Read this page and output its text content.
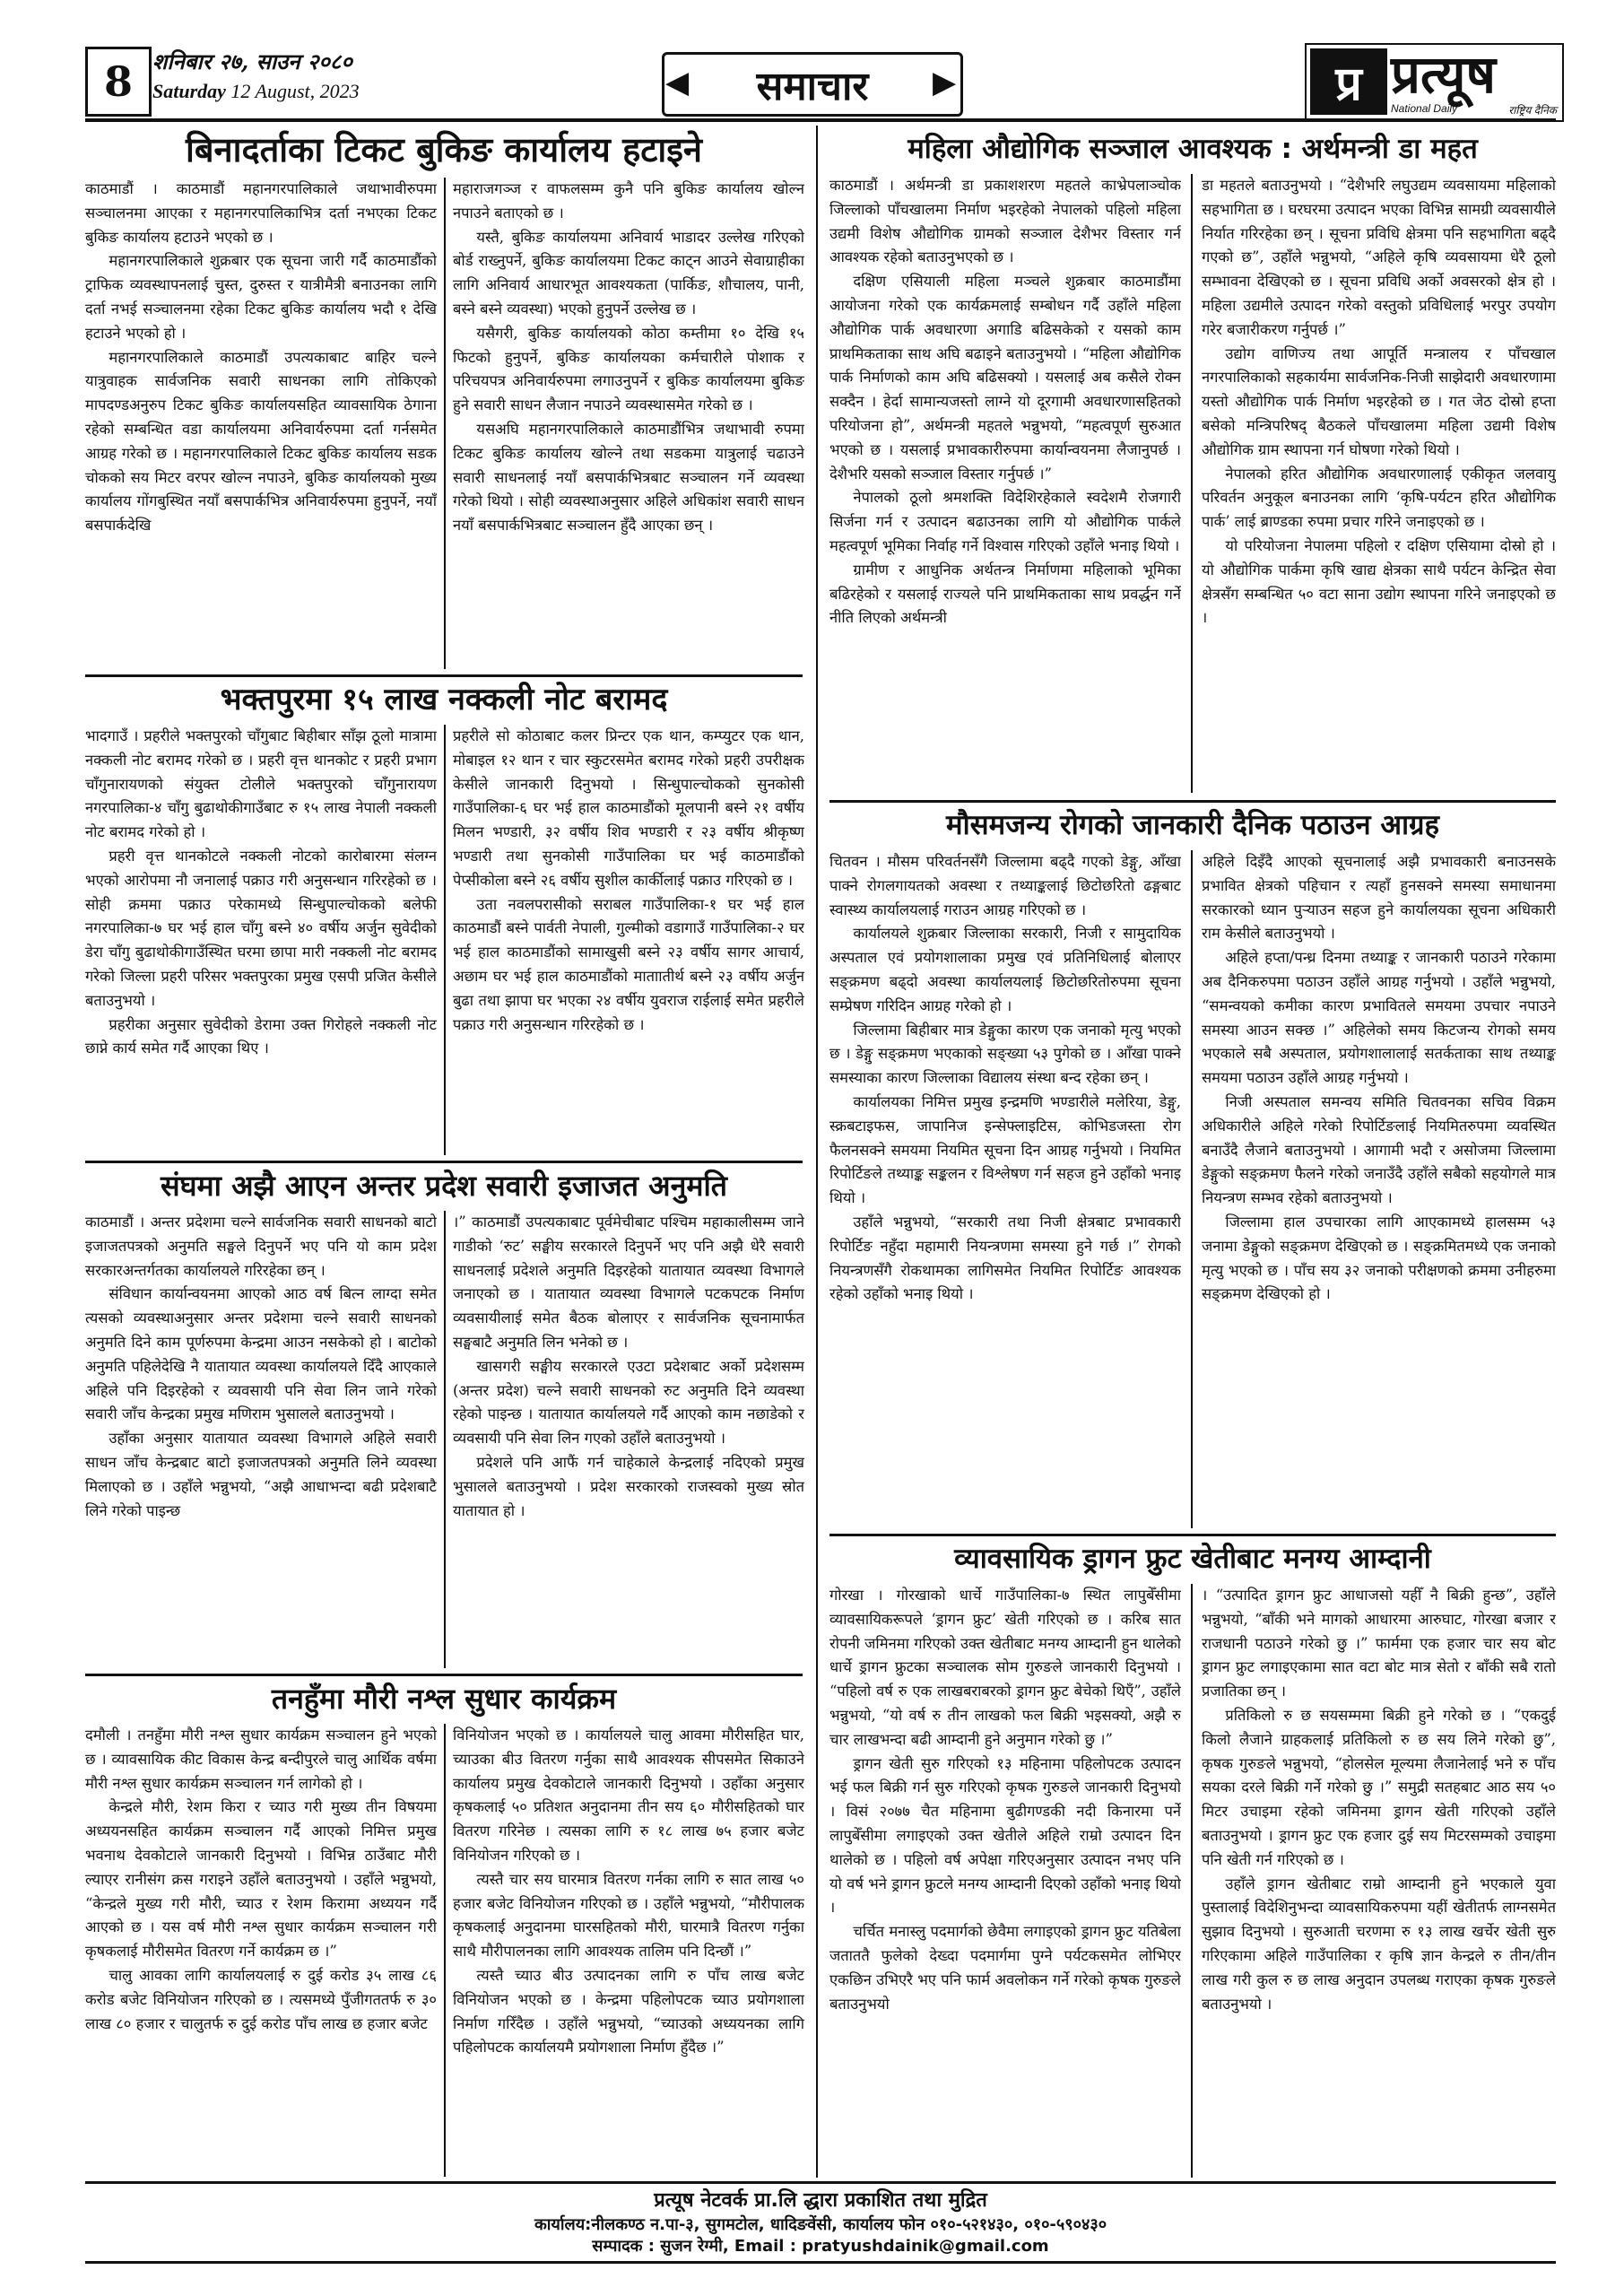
8 शनिबार २७, साउन २०८०
Saturday 12 August, 2023	समाचार
◀	▶	प्र प्रत्यूष
National Daily	राष्ट्रिय दैनिक
बिनादर्ताका टिकट बुकिङ कार्यालय हटाइने

काठमाडौं । काठमाडौं महानगरपालिकाले जथाभावीरुपमा सञ्चालनमा आएका र महानगरपालिकाभित्र दर्ता नभएका टिकट बुकिङ कार्यालय हटाउने भएको छ ।

महानगरपालिकाले शुक्रबार एक सूचना जारी गर्दै काठमाडौंको ट्राफिक व्यवस्थापनलाई चुस्त, दुरुस्त र यात्रीमैत्री बनाउनका लागि दर्ता नभई सञ्चालनमा रहेका टिकट बुकिङ कार्यालय भदौ १ देखि हटाउने भएको हो ।

महानगरपालिकाले काठमाडौं उपत्यकाबाट बाहिर चल्ने यात्रुवाहक सार्वजनिक सवारी साधनका लागि तोकिएको मापदण्डअनुरुप टिकट बुकिङ कार्यालयसहित व्यावसायिक ठेगाना रहेको सम्बन्धित वडा कार्यालयमा अनिवार्यरुपमा दर्ता गर्नसमेत आग्रह गरेको छ । महानगरपालिकाले टिकट बुकिङ कार्यालय सडक चोकको सय मिटर वरपर खोल्न नपाउने, बुकिङ कार्यालयको मुख्य कार्यालय गोंगबुस्थित नयाँ बसपार्कभित्र अनिवार्यरुपमा हुनुपर्ने, नयाँ बसपार्कदेखि

महाराजगञ्ज र वाफलसम्म कुनै पनि बुकिङ कार्यालय खोल्न नपाउने बताएको छ ।

यस्तै, बुकिङ कार्यालयमा अनिवार्य भाडादर उल्लेख गरिएको बोर्ड राख्नुपर्ने, बुकिङ कार्यालयमा टिकट काट्न आउने सेवाग्राहीका लागि अनिवार्य आधारभूत आवश्यकता (पार्किङ, शौचालय, पानी, बस्ने बस्ने व्यवस्था) भएको हुनुपर्ने उल्लेख छ ।

यसैगरी, बुकिङ कार्यालयको कोठा कम्तीमा १० देखि १५ फिटको हुनुपर्ने, बुकिङ कार्यालयका कर्मचारीले पोशाक र परिचयपत्र अनिवार्यरुपमा लगाउनुपर्ने र बुकिङ कार्यालयमा बुकिङ हुने सवारी साधन लैजान नपाउने व्यवस्थासमेत गरेको छ ।

यसअघि महानगरपालिकाले काठमाडौंभित्र जथाभावी रुपमा टिकट बुकिङ कार्यालय खोल्ने तथा सडकमा यात्रुलाई चढाउने सवारी साधनलाई नयाँ बसपार्कभित्रबाट सञ्चालन गर्ने व्यवस्था गरेको थियो । सोही व्यवस्थाअनुसार अहिले अधिकांश सवारी साधन नयाँ बसपार्कभित्रबाट सञ्चालन हुँदै आएका छन् ।

भक्तपुरमा १५ लाख नक्कली नोट बरामद

भादगाउँ । प्रहरीले भक्तपुरको चाँगुबाट बिहीबार साँझ ठूलो मात्रामा नक्कली नोट बरामद गरेको छ । प्रहरी वृत्त थानकोट र प्रहरी प्रभाग चाँगुनारायणको संयुक्त टोलीले भक्तपुरको चाँगुनारायण नगरपालिका-४ चाँगु बुढाथोकीगाउँबाट रु १५ लाख नेपाली नक्कली नोट बरामद गरेको हो ।

प्रहरी वृत्त थानकोटले नक्कली नोटको कारोबारमा संलग्न भएको आरोपमा नौ जनालाई पक्राउ गरी अनुसन्धान गरिरहेको छ । सोही क्रममा पक्राउ परेकामध्ये सिन्धुपाल्चोकको बलेफी नगरपालिका-७ घर भई हाल चाँगु बस्ने ४० वर्षीय अर्जुन सुवेदीको डेरा चाँगु बुढाथोकीगाउँस्थित घरमा छापा मारी नक्कली नोट बरामद गरेको जिल्ला प्रहरी परिसर भक्तपुरका प्रमुख एसपी प्रजित केसीले बताउनुभयो ।

प्रहरीका अनुसार सुवेदीको डेरामा उक्त गिरोहले नक्कली नोट छाप्ने कार्य समेत गर्दै आएका थिए ।

प्रहरीले सो कोठाबाट कलर प्रिन्टर एक थान, कम्प्युटर एक थान, मोबाइल १२ थान र चार स्कुटरसमेत बरामद गरेको प्रहरी उपरीक्षक केसीले जानकारी दिनुभयो । सिन्धुपाल्चोकको सुनकोसी गाउँपालिका-६ घर भई हाल काठमाडौंको मूलपानी बस्ने २१ वर्षीय मिलन भण्डारी, ३२ वर्षीय शिव भण्डारी र २३ वर्षीय श्रीकृष्ण भण्डारी तथा सुनकोसी गाउँपालिका घर भई काठमाडौंको पेप्सीकोला बस्ने २६ वर्षीय सुशील कार्कीलाई पक्राउ गरिएको छ ।

उता नवलपरासीको सराबल गाउँपालिका-१ घर भई हाल काठमाडौं बस्ने पार्वती नेपाली, गुल्मीको वडागाउँ गाउँपालिका-२ घर भई हाल काठमाडौंको सामाखुसी बस्ने २३ वर्षीय सागर आचार्य, अछाम घर भई हाल काठमाडौंको माताातीर्थ बस्ने २३ वर्षीय अर्जुन बुढा तथा झापा घर भएका २४ वर्षीय युवराज राईलाई समेत प्रहरीले पक्राउ गरी अनुसन्धान गरिरहेको छ ।

संघमा अझै आएन अन्तर प्रदेश सवारी इजाजत अनुमति

काठमाडौं । अन्तर प्रदेशमा चल्ने सार्वजनिक सवारी साधनको बाटो इजाजतपत्रको अनुमति सङ्घले दिनुपर्ने भए पनि यो काम प्रदेश सरकारअन्तर्गतका कार्यालयले गरिरहेका छन् ।

संविधान कार्यान्वयनमा आएको आठ वर्ष बित्न लाग्दा समेत त्यसको व्यवस्थाअनुसार अन्तर प्रदेशमा चल्ने सवारी साधनको अनुमति दिने काम पूर्णरुपमा केन्द्रमा आउन नसकेको हो । बाटोको अनुमति पहिलेदेखि नै यातायात व्यवस्था कार्यालयले दिँदै आएकाले अहिले पनि दिइरहेको र व्यवसायी पनि सेवा लिन जाने गरेको सवारी जाँच केन्द्रका प्रमुख मणिराम भुसालले बताउनुभयो ।

उहाँका अनुसार यातायात व्यवस्था विभागले अहिले सवारी साधन जाँच केन्द्रबाट बाटो इजाजतपत्रको अनुमति लिने व्यवस्था मिलाएको छ । उहाँले भन्नुभयो, “अझै आधाभन्दा बढी प्रदेशबाटै लिने गरेको पाइन्छ

।” काठमाडौं उपत्यकाबाट पूर्वमेचीबाट पश्चिम महाकालीसम्म जाने गाडीको ‘रुट’ सङ्घीय सरकारले दिनुपर्ने भए पनि अझै धेरै सवारी साधनलाई प्रदेशले अनुमति दिइरहेको यातायात व्यवस्था विभागले जनाएको छ । यातायात व्यवस्था विभागले पटकपटक निर्माण व्यवसायीलाई समेत बैठक बोलाएर र सार्वजनिक सूचनामार्फत सङ्घबाटै अनुमति लिन भनेको छ ।

खासगरी सङ्घीय सरकारले एउटा प्रदेशबाट अर्को प्रदेशसम्म (अन्तर प्रदेश) चल्ने सवारी साधनको रुट अनुमति दिने व्यवस्था रहेको पाइन्छ । यातायात कार्यालयले गर्दै आएको काम नछाडेको र व्यवसायी पनि सेवा लिन गएको उहाँले बताउनुभयो ।

प्रदेशले पनि आफैं गर्न चाहेकाले केन्द्रलाई नदिएको प्रमुख भुसालले बताउनुभयो । प्रदेश सरकारको राजस्वको मुख्य स्रोत यातायात हो ।

तनहुँमा मौरी नश्ल सुधार कार्यक्रम

दमौली । तनहुँमा मौरी नश्ल सुधार कार्यक्रम सञ्चालन हुने भएको छ । व्यावसायिक कीट विकास केन्द्र बन्दीपुरले चालु आर्थिक वर्षमा मौरी नश्ल सुधार कार्यक्रम सञ्चालन गर्न लागेको हो ।

केन्द्रले मौरी, रेशम किरा र च्याउ गरी मुख्य तीन विषयमा अध्ययनसहित कार्यक्रम सञ्चालन गर्दै आएको निमित्त प्रमुख भवनाथ देवकोटाले जानकारी दिनुभयो । विभिन्न ठाउँबाट मौरी ल्याएर रानीसंग क्रस गराइने उहाँले बताउनुभयो । उहाँले भन्नुभयो, “केन्द्रले मुख्य गरी मौरी, च्याउ र रेशम किरामा अध्ययन गर्दै आएको छ । यस वर्ष मौरी नश्ल सुधार कार्यक्रम सञ्चालन गरी कृषकलाई मौरीसमेत वितरण गर्ने कार्यक्रम छ ।”

चालु आवका लागि कार्यालयलाई रु दुई करोड ३५ लाख ८६ करोड बजेट विनियोजन गरिएको छ । त्यसमध्ये पुँजीगततर्फ रु ३० लाख ८० हजार र चालुतर्फ रु दुई करोड पाँच लाख छ हजार बजेट

विनियोजन भएको छ । कार्यालयले चालु आवमा मौरीसहित घार, च्याउका बीउ वितरण गर्नुका साथै आवश्यक सीपसमेत सिकाउने कार्यालय प्रमुख देवकोटाले जानकारी दिनुभयो । उहाँका अनुसार कृषकलाई ५० प्रतिशत अनुदानमा तीन सय ६० मौरीसहितको घार वितरण गरिनेछ । त्यसका लागि रु १८ लाख ७५ हजार बजेट विनियोजन गरिएको छ ।

त्यस्तै चार सय घारमात्र वितरण गर्नका लागि रु सात लाख ५० हजार बजेट विनियोजन गरिएको छ । उहाँले भन्नुभयो, “मौरीपालक कृषकलाई अनुदानमा घारसहितको मौरी, घारमात्रै वितरण गर्नुका साथै मौरीपालनका लागि आवश्यक तालिम पनि दिन्छौं ।”

त्यस्तै च्याउ बीउ उत्पादनका लागि रु पाँच लाख बजेट विनियोजन भएको छ । केन्द्रमा पहिलोपटक च्याउ प्रयोगशाला निर्माण गरिँदैछ । उहाँले भन्नुभयो, “च्याउको अध्ययनका लागि पहिलोपटक कार्यालयमै प्रयोगशाला निर्माण हुँदैछ ।”

महिला औद्योगिक सञ्जाल आवश्यक : अर्थमन्त्री डा महत

काठमाडौं । अर्थमन्त्री डा प्रकाशशरण महतले काभ्रेपलाञ्चोक जिल्लाको पाँचखालमा निर्माण भइरहेको नेपालको पहिलो महिला उद्यमी विशेष औद्योगिक ग्रामको सञ्जाल देशैभर विस्तार गर्न आवश्यक रहेको बताउनुभएको छ ।

दक्षिण एसियाली महिला मञ्चले शुक्रबार काठमाडौंमा आयोजना गरेको एक कार्यक्रमलाई सम्बोधन गर्दै उहाँले महिला औद्योगिक पार्क अवधारणा अगाडि बढिसकेको र यसको काम प्राथमिकताका साथ अघि बढाइने बताउनुभयो । “महिला औद्योगिक पार्क निर्माणको काम अघि बढिसक्यो । यसलाई अब कसैले रोक्न सक्दैन । हेर्दा सामान्यजस्तो लाग्ने यो दूरगामी अवधारणासहितको परियोजना हो”, अर्थमन्त्री महतले भन्नुभयो, “महत्वपूर्ण सुरुआत भएको छ । यसलाई प्रभावकारीरुपमा कार्यान्वयनमा लैजानुपर्छ । देशैभरि यसको सञ्जाल विस्तार गर्नुपर्छ ।”

नेपालको ठूलो श्रमशक्ति विदेशिरहेकाले स्वदेशमै रोजगारी सिर्जना गर्न र उत्पादन बढाउनका लागि यो औद्योगिक पार्कले महत्वपूर्ण भूमिका निर्वाह गर्ने विश्वास गरिएको उहाँले भनाइ थियो ।

ग्रामीण र आधुनिक अर्थतन्त्र निर्माणमा महिलाको भूमिका बढिरहेको र यसलाई राज्यले पनि प्राथमिकताका साथ प्रवर्द्धन गर्ने नीति लिएको अर्थमन्त्री

डा महतले बताउनुभयो । “देशैभरि लघुउद्यम व्यवसायमा महिलाको सहभागिता छ । घरघरमा उत्पादन भएका विभिन्न सामग्री व्यवसायीले निर्यात गरिरहेका छन् । सूचना प्रविधि क्षेत्रमा पनि सहभागिता बढ्दै गएको छ”, उहाँले भन्नुभयो, “अहिले कृषि व्यवसायमा धेरै ठूलो सम्भावना देखिएको छ । सूचना प्रविधि अर्को अवसरको क्षेत्र हो । महिला उद्यमीले उत्पादन गरेको वस्तुको प्रविधिलाई भरपुर उपयोग गरेर बजारीकरण गर्नुपर्छ ।”

उद्योग वाणिज्य तथा आपूर्ति मन्त्रालय र पाँचखाल नगरपालिकाको सहकार्यमा सार्वजनिक-निजी साझेदारी अवधारणामा यस्तो औद्योगिक पार्क निर्माण भइरहेको छ । गत जेठ दोस्रो हप्ता बसेको मन्त्रिपरिषद् बैठकले पाँचखालमा महिला उद्यमी विशेष औद्योगिक ग्राम स्थापना गर्न घोषणा गरेको थियो ।

नेपालको हरित औद्योगिक अवधारणालाई एकीकृत जलवायु परिवर्तन अनुकूल बनाउनका लागि ‘कृषि-पर्यटन हरित औद्योगिक पार्क’ लाई ब्राण्डका रुपमा प्रचार गरिने जनाइएको छ ।

यो परियोजना नेपालमा पहिलो र दक्षिण एसियामा दोस्रो हो । यो औद्योगिक पार्कमा कृषि खाद्य क्षेत्रका साथै पर्यटन केन्द्रित सेवा क्षेत्रसँग सम्बन्धित ५० वटा साना उद्योग स्थापना गरिने जनाइएको छ ।

मौसमजन्य रोगको जानकारी दैनिक पठाउन आग्रह

चितवन । मौसम परिवर्तनसँगै जिल्लामा बढ्दै गएको डेङ्गु, आँखा पाक्ने रोगलगायतको अवस्था र तथ्याङ्कलाई छिटोछरितो ढङ्गबाट स्वास्थ्य कार्यालयलाई गराउन आग्रह गरिएको छ ।

कार्यालयले शुक्रबार जिल्लाका सरकारी, निजी र सामुदायिक अस्पताल एवं प्रयोगशालाका प्रमुख एवं प्रतिनिधिलाई बोलाएर सङ्क्रमण बढ्दो अवस्था कार्यालयलाई छिटोछरितोरुपमा सूचना सम्प्रेषण गरिदिन आग्रह गरेको हो ।

जिल्लामा बिहीबार मात्र डेङ्गुका कारण एक जनाको मृत्यु भएको छ । डेङ्गु सङ्क्रमण भएकाको सङ्ख्या ५३ पुगेको छ । आँखा पाक्ने समस्याका कारण जिल्लाका विद्यालय संस्था बन्द रहेका छन् ।

कार्यालयका निमित्त प्रमुख इन्द्रमणि भण्डारीले मलेरिया, डेङ्गु, स्क्रबटाइफस, जापानिज इन्सेफ्लाइटिस, कोभिडजस्ता रोग फैलनसक्ने समयमा नियमित सूचना दिन आग्रह गर्नुभयो । नियमित रिपोर्टिङले तथ्याङ्क सङ्कलन र विश्लेषण गर्न सहज हुने उहाँको भनाइ थियो ।

उहाँले भन्नुभयो, “सरकारी तथा निजी क्षेत्रबाट प्रभावकारी रिपोर्टिङ नहुँदा महामारी नियन्त्रणमा समस्या हुने गर्छ ।” रोगको नियन्त्रणसँगै रोकथामका लागिसमेत नियमित रिपोर्टिङ आवश्यक रहेको उहाँको भनाइ थियो ।

अहिले दिइँदै आएको सूचनालाई अझै प्रभावकारी बनाउनसके प्रभावित क्षेत्रको पहिचान र त्यहाँ हुनसक्ने समस्या समाधानमा सरकारको ध्यान पुऱ्याउन सहज हुने कार्यालयका सूचना अधिकारी राम केसीले बताउनुभयो ।

अहिले हप्ता/पन्ध्र दिनमा तथ्याङ्क र जानकारी पठाउने गरेकामा अब दैनिकरुपमा पठाउन उहाँले आग्रह गर्नुभयो । उहाँले भन्नुभयो, “समन्वयको कमीका कारण प्रभावितले समयमा उपचार नपाउने समस्या आउन सक्छ ।” अहिलेको समय किटजन्य रोगको समय भएकाले सबै अस्पताल, प्रयोगशालालाई सतर्कताका साथ तथ्याङ्क समयमा पठाउन उहाँले आग्रह गर्नुभयो ।

निजी अस्पताल समन्वय समिति चितवनका सचिव विक्रम अधिकारीले अहिले गरेको रिपोर्टिङलाई नियमितरुपमा व्यवस्थित बनाउँदै लैजाने बताउनुभयो । आगामी भदौ र असोजमा जिल्लामा डेङ्गुको सङ्क्रमण फैलने गरेको जनाउँदै उहाँले सबैको सहयोगले मात्र नियन्त्रण सम्भव रहेको बताउनुभयो ।

जिल्लामा हाल उपचारका लागि आएकामध्ये हालसम्म ५३ जनामा डेङ्गुको सङ्क्रमण देखिएको छ । सङ्क्रमितमध्ये एक जनाको मृत्यु भएको छ । पाँच सय ३२ जनाको परीक्षणको क्रममा उनीहरुमा सङ्क्रमण देखिएको हो ।

व्यावसायिक ड्रागन फ्रुट खेतीबाट मनग्य आम्दानी

गोरखा । गोरखाको धार्चे गाउँपालिका-७ स्थित लापुबेँसीमा व्यावसायिकरूपले ‘ड्रागन फ्रुट’ खेती गरिएको छ । करिब सात रोपनी जमिनमा गरिएको उक्त खेतीबाट मनग्य आम्दानी हुन थालेको धार्चे ड्रागन फ्रुटका सञ्चालक सोम गुरुङले जानकारी दिनुभयो । “पहिलो वर्ष रु एक लाखबराबरको ड्रागन फ्रुट बेचेको थिएँ”, उहाँले भन्नुभयो, “यो वर्ष रु तीन लाखको फल बिक्री भइसक्यो, अझै रु चार लाखभन्दा बढी आम्दानी हुने अनुमान गरेको छु ।”

ड्रागन खेती सुरु गरिएको १३ महिनामा पहिलोपटक उत्पादन भई फल बिक्री गर्न सुरु गरिएको कृषक गुरुङले जानकारी दिनुभयो । विसं २०७७ चैत महिनामा बुढीगण्डकी नदी किनारमा पर्ने लापुबेँसीमा लगाइएको उक्त खेतीले अहिले राम्रो उत्पादन दिन थालेको छ । पहिलो वर्ष अपेक्षा गरिएअनुसार उत्पादन नभए पनि यो वर्ष भने ड्रागन फ्रुटले मनग्य आम्दानी दिएको उहाँको भनाइ थियो ।

चर्चित मनास्लु पदमार्गको छेवैमा लगाइएको ड्रागन फ्रुट यतिबेला जताततै फुलेको देख्दा पदमार्गमा पुग्ने पर्यटकसमेत लोभिएर एकछिन उभिएरै भए पनि फार्म अवलोकन गर्ने गरेको कृषक गुरुङले बताउनुभयो

। “उत्पादित ड्रागन फ्रुट आधाजसो यहीँ नै बिक्री हुन्छ”, उहाँले भन्नुभयो, “बाँकी भने मागको आधारमा आरुघाट, गोरखा बजार र राजधानी पठाउने गरेको छु ।” फार्ममा एक हजार चार सय बोट ड्रागन फ्रुट लगाइएकामा सात वटा बोट मात्र सेतो र बाँकी सबै रातो प्रजातिका छन् ।

प्रतिकिलो रु छ सयसम्ममा बिक्री हुने गरेको छ । “एकदुई किलो लैजाने ग्राहकलाई प्रतिकिलो रु छ सय लिने गरेको छु”, कृषक गुरुङले भन्नुभयो, “होलसेल मूल्यमा लैजानेलाई भने रु पाँच सयका दरले बिक्री गर्ने गरेको छु ।” समुद्री सतहबाट आठ सय ५० मिटर उचाइमा रहेको जमिनमा ड्रागन खेती गरिएको उहाँले बताउनुभयो । ड्रागन फ्रुट एक हजार दुई सय मिटरसम्मको उचाइमा पनि खेती गर्न गरिएको छ ।

उहाँले ड्रागन खेतीबाट राम्रो आम्दानी हुने भएकाले युवा पुस्तालाई विदेशिनुभन्दा व्यावसायिकरुपमा यहीं खेतीतर्फ लाग्नसमेत सुझाव दिनुभयो । सुरुआती चरणमा रु १३ लाख खर्चेर खेती सुरु गरिएकामा अहिले गाउँपालिका र कृषि ज्ञान केन्द्रले रु तीन/तीन लाख गरी कुल रु छ लाख अनुदान उपलब्ध गराएका कृषक गुरुङले बताउनुभयो ।

प्रत्यूष नेटवर्क प्रा.लि द्धारा प्रकाशित तथा मुद्रित
कार्यालय:नीलकण्ठ न.पा-३, सुगमटोल, धादिङवेंसी, कार्यालय फोन ०१०-५२१४३०, ०१०-५९०४३०
सम्पादक : सुजन रेग्मी, Email : pratyushdainik@gmail.com
